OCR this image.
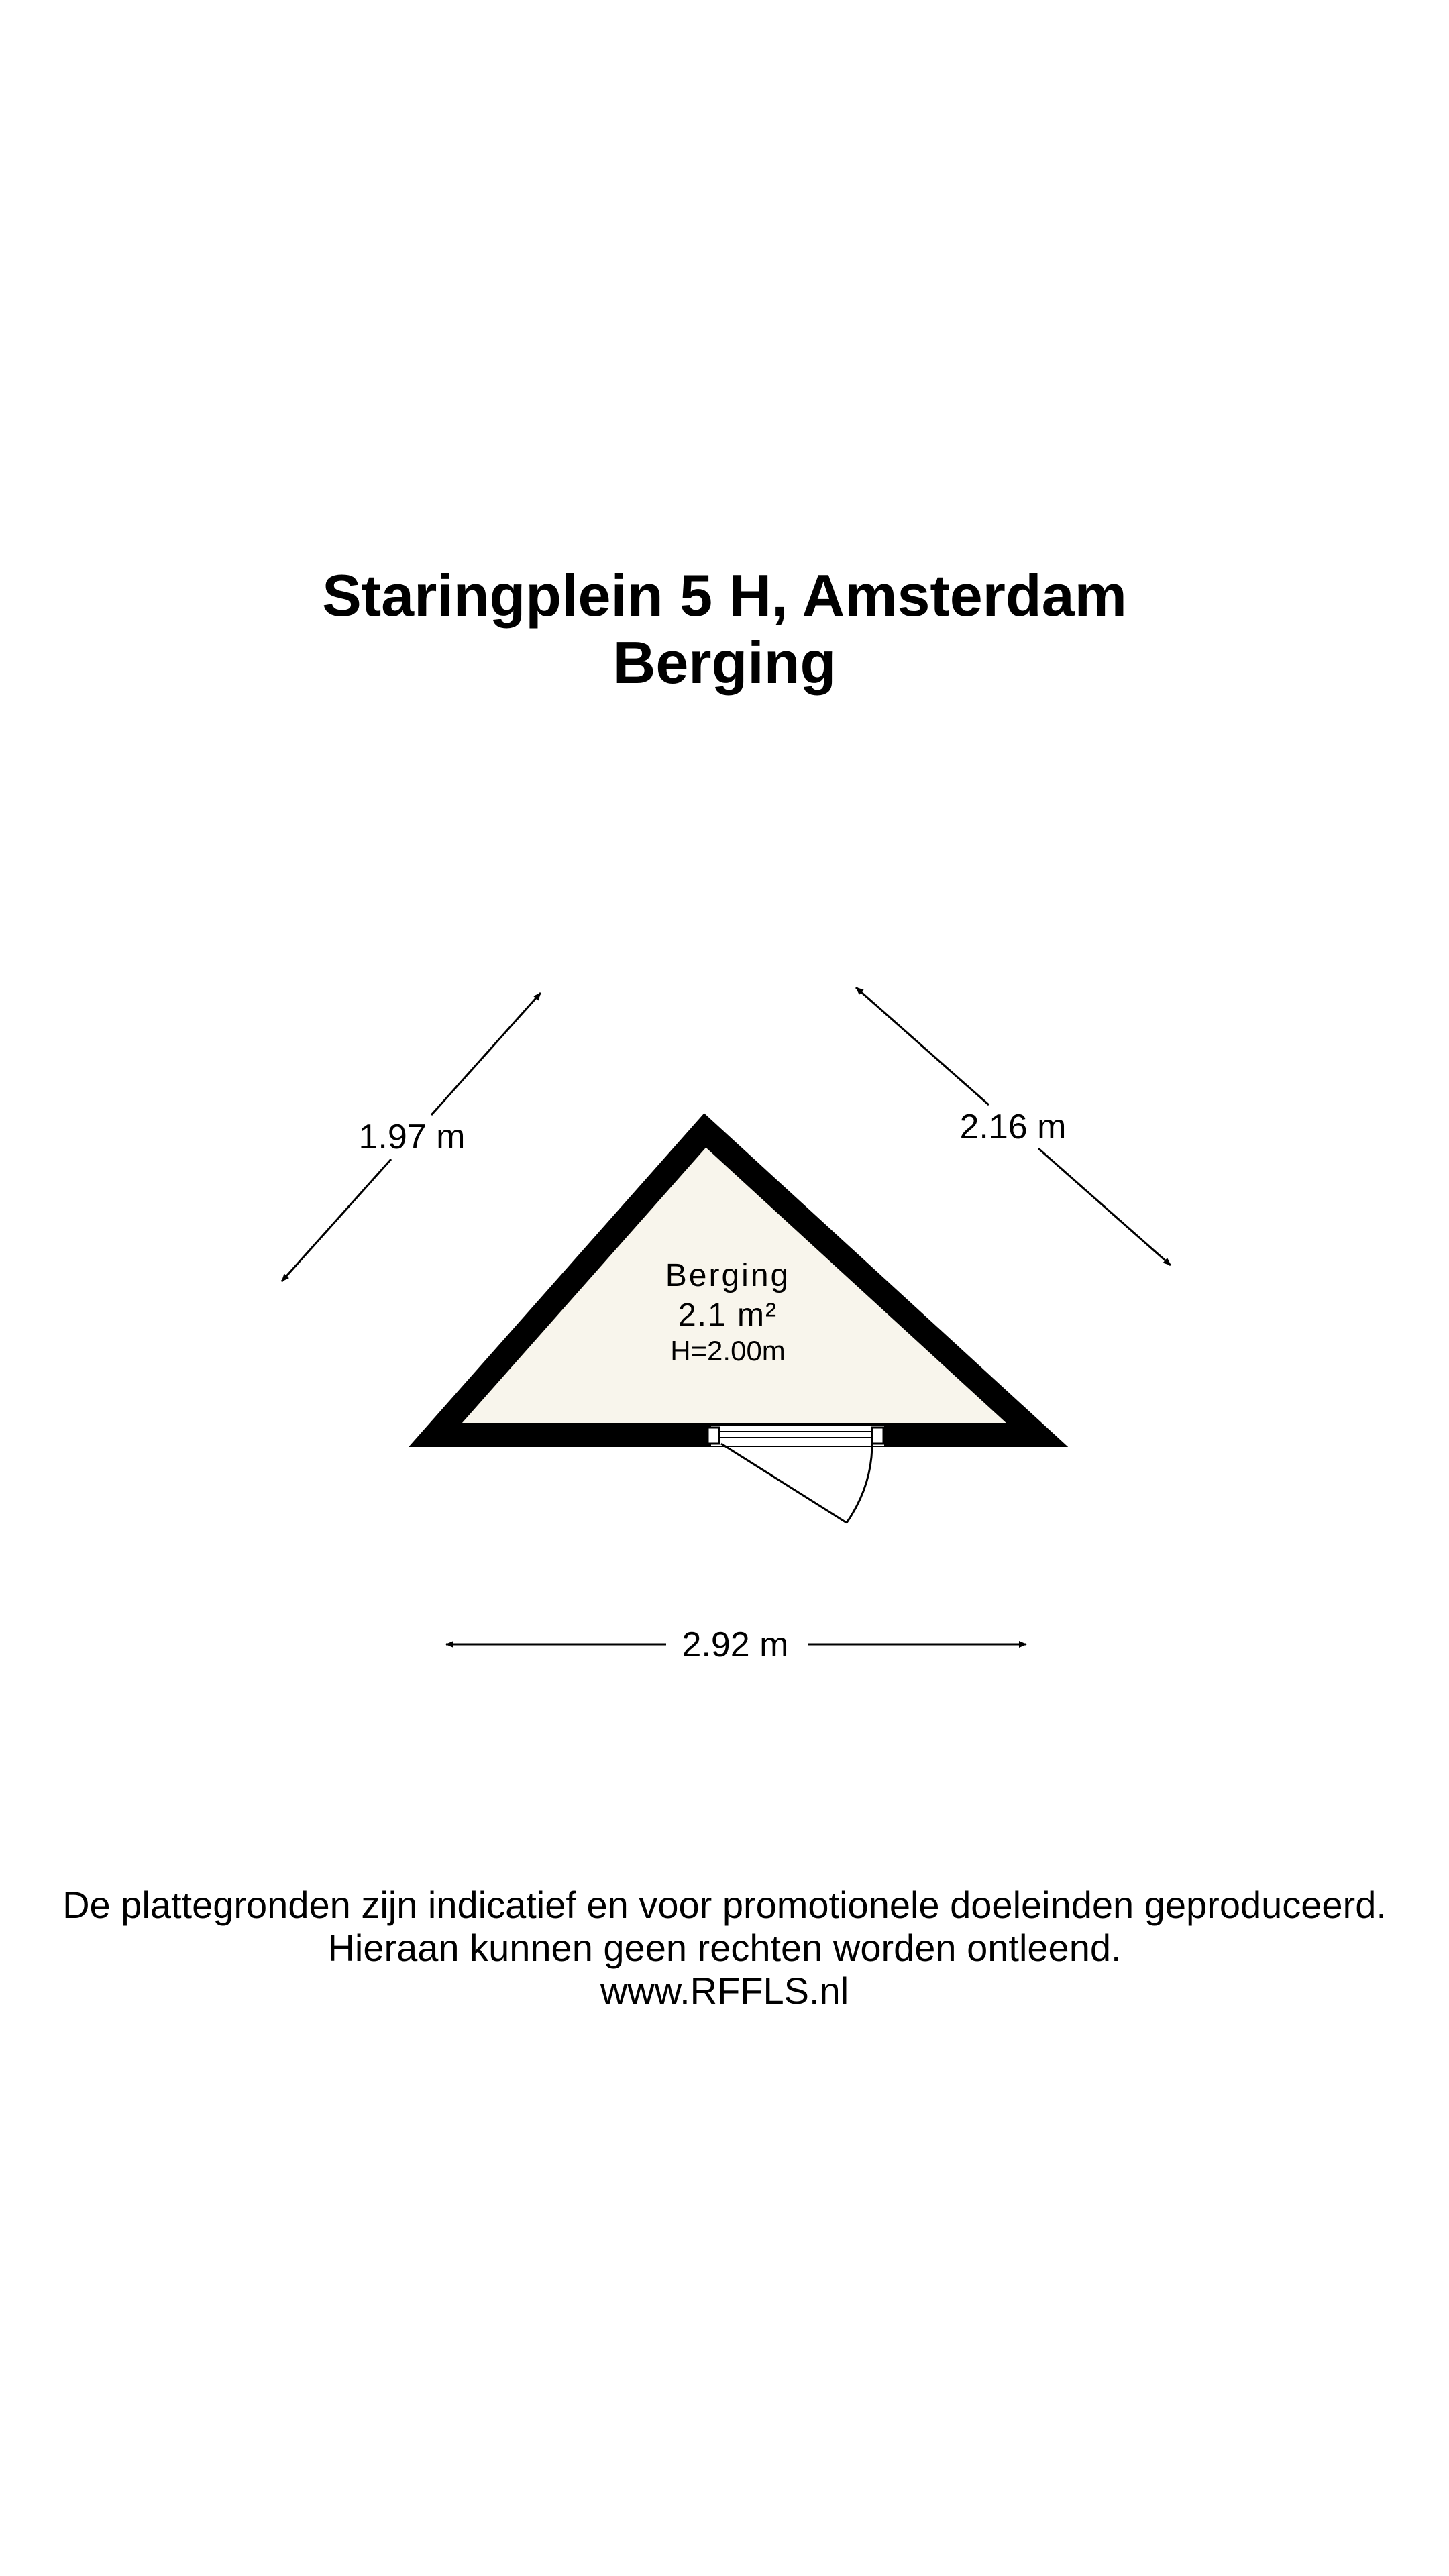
Staringplein 5 H, Amsterdam
Berging
Berging
2.1 m²
H=2.00m
1.97 m	2.16 m
2.92 m

De plattegronden zijn indicatief en voor promotionele doeleinden geproduceerd.

Hieraan kunnen geen rechten worden ontleend.

www.RFFLS.nl
